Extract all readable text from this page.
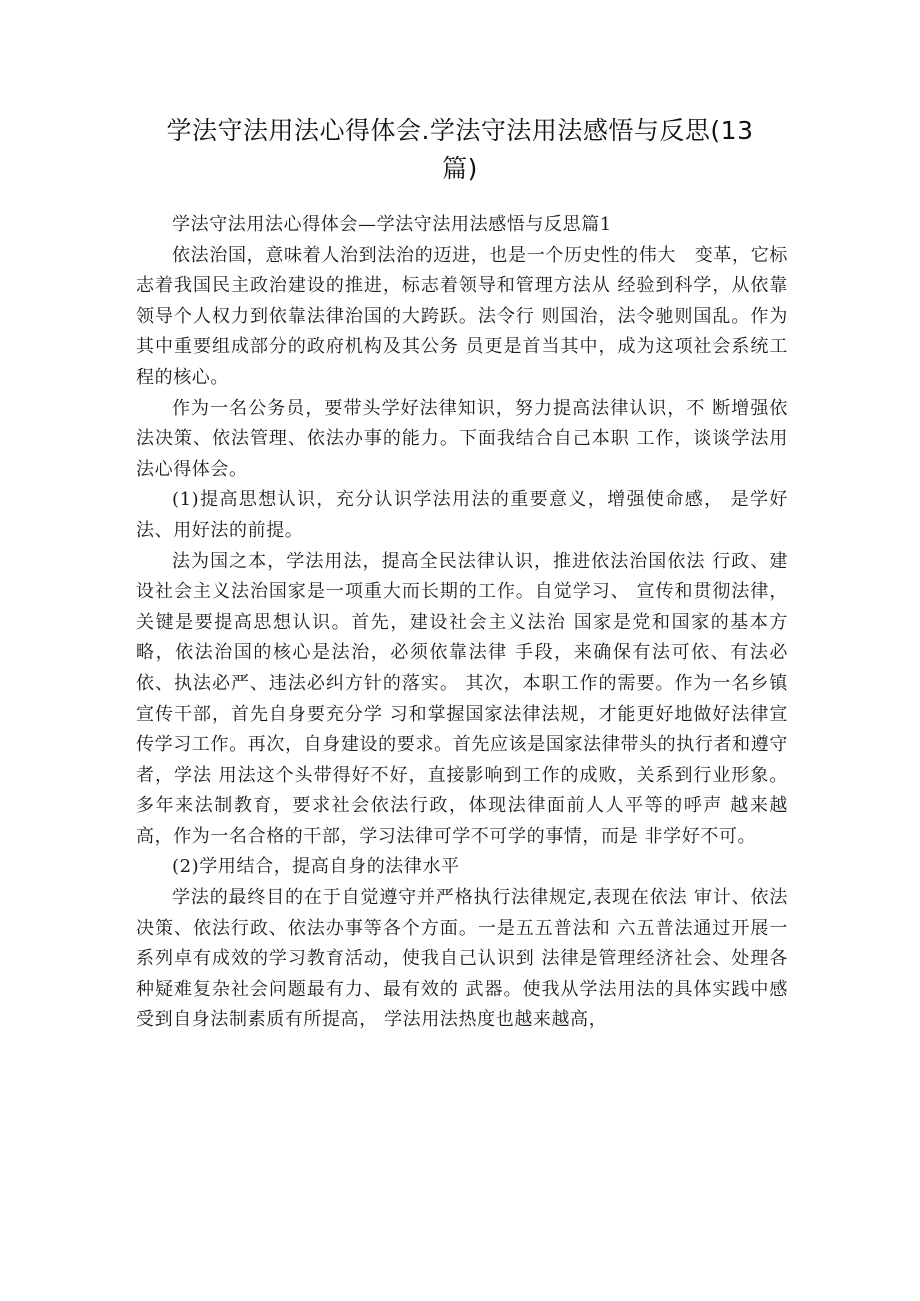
学法守法用法心得体会.学法守法用法感悟与反思(13
篇)

学法守法用法心得体会—学法守法用法感悟与反思篇1

依法治国，意味着人治到法治的迈进，也是一个历史性的伟大　变革，它标志着我国民主政治建设的推进，标志着领导和管理方法从 经验到科学，从依靠领导个人权力到依靠法律治国的大跨跃。法令行 则国治，法令驰则国乱。作为其中重要组成部分的政府机构及其公务 员更是首当其中，成为这项社会系统工程的核心。

作为一名公务员，要带头学好法律知识，努力提高法律认识，不 断增强依法决策、依法管理、依法办事的能力。下面我结合自己本职 工作，谈谈学法用法心得体会。

(1)提高思想认识，充分认识学法用法的重要意义，增强使命感， 是学好法、用好法的前提。

法为国之本，学法用法，提高全民法律认识，推进依法治国依法 行政、建设社会主义法治国家是一项重大而长期的工作。自觉学习、 宣传和贯彻法律，关键是要提高思想认识。首先，建设社会主义法治 国家是党和国家的基本方略，依法治国的核心是法治，必须依靠法律 手段，来确保有法可依、有法必依、执法必严、违法必纠方针的落实。 其次，本职工作的需要。作为一名乡镇宣传干部，首先自身要充分学 习和掌握国家法律法规，才能更好地做好法律宣传学习工作。再次，自身建设的要求。首先应该是国家法律带头的执行者和遵守者，学法 用法这个头带得好不好，直接影响到工作的成败，关系到行业形象。 多年来法制教育，要求社会依法行政，体现法律面前人人平等的呼声 越来越高，作为一名合格的干部，学习法律可学不可学的事情，而是 非学好不可。

(2)学用结合，提高自身的法律水平

学法的最终目的在于自觉遵守并严格执行法律规定,表现在依法 审计、依法决策、依法行政、依法办事等各个方面。一是五五普法和 六五普法通过开展一系列卓有成效的学习教育活动，使我自己认识到 法律是管理经济社会、处理各种疑难复杂社会问题最有力、最有效的 武器。使我从学法用法的具体实践中感受到自身法制素质有所提高， 学法用法热度也越来越高，
